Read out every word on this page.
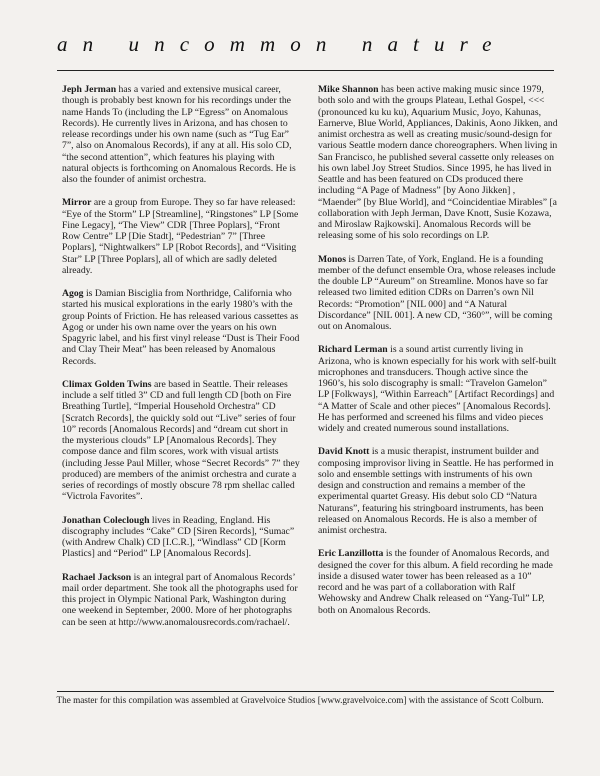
an uncommon nature

Jeph Jerman has a varied and extensive musical career, though is probably best known for his recordings under the name Hands To (including the LP “Egress” on Anomalous Records). He currently lives in Arizona, and has chosen to release recordings under his own name (such as “Tug Ear” 7”, also on Anomalous Records), if any at all. His solo CD, “the second attention”, which features his playing with natural objects is forthcoming on Anomalous Records. He is also the founder of animist orchestra.

Mirror are a group from Europe. They so far have released: “Eye of the Storm” LP [Streamline], “Ringstones” LP [Some Fine Legacy], “The View” CDR [Three Poplars], “Front Row Centre” LP [Die Stadt], “Pedestrian” 7” [Three Poplars], “Nightwalkers” LP [Robot Records], and “Visiting Star” LP [Three Poplars], all of which are sadly deleted already.

Agog is Damian Bisciglia from Northridge, California who started his musical explorations in the early 1980’s with the group Points of Friction. He has released various cassettes as Agog or under his own name over the years on his own Spagyric label, and his first vinyl release “Dust is Their Food and Clay Their Meat” has been released by Anomalous Records.

Climax Golden Twins are based in Seattle. Their releases include a self titled 3” CD and full length CD [both on Fire Breathing Turtle], “Imperial Household Orchestra” CD [Scratch Records], the quickly sold out “Live” series of four 10” records [Anomalous Records] and “dream cut short in the mysterious clouds” LP [Anomalous Records]. They compose dance and film scores, work with visual artists (including Jesse Paul Miller, whose “Secret Records” 7” they produced) are members of the animist orchestra and curate a series of recordings of mostly obscure 78 rpm shellac called “Victrola Favorites”.

Jonathan Coleclough lives in Reading, England. His discography includes “Cake” CD [Siren Records], “Sumac” (with Andrew Chalk) CD [I.C.R.], “Windlass” CD [Korm Plastics] and “Period” LP [Anomalous Records].

Rachael Jackson is an integral part of Anomalous Records’ mail order department. She took all the photographs used for this project in Olympic National Park, Washington during one weekend in September, 2000. More of her photographs can be seen at http://www.anomalousrecords.com/rachael/.

Mike Shannon has been active making music since 1979, both solo and with the groups Plateau, Lethal Gospel, <<< (pronounced ku ku ku), Aquarium Music, Joyo, Kahunas, Earnerve, Blue World, Appliances, Dakinis, Aono Jikken, and animist orchestra as well as creating music/sound-design for various Seattle modern dance choreographers. When living in San Francisco, he published several cassette only releases on his own label Joy Street Studios. Since 1995, he has lived in Seattle and has been featured on CDs produced there including “A Page of Madness” [by Aono Jikken] , “Maender” [by Blue World], and “Coincidentiae Mirables” [a collaboration with Jeph Jerman, Dave Knott, Susie Kozawa, and Miroslaw Rajkowski]. Anomalous Records will be releasing some of his solo recordings on LP.

Monos is Darren Tate, of York, England. He is a founding member of the defunct ensemble Ora, whose releases include the double LP “Aureum” on Streamline. Monos have so far released two limited edition CDRs on Darren’s own Nil Records: “Promotion” [NIL 000] and “A Natural Discordance” [NIL 001]. A new CD, “360°”, will be coming out on Anomalous.

Richard Lerman is a sound artist currently living in Arizona, who is known especially for his work with self-built microphones and transducers. Though active since the 1960’s, his solo discography is small: “Travelon Gamelon” LP [Folkways], “Within Earreach” [Artifact Recordings] and “A Matter of Scale and other pieces” [Anomalous Records]. He has performed and screened his films and video pieces widely and created numerous sound installations.

David Knott is a music therapist, instrument builder and composing improvisor living in Seattle. He has performed in solo and ensemble settings with instruments of his own design and construction and remains a member of the experimental quartet Greasy. His debut solo CD “Natura Naturans”, featuring his stringboard instruments, has been released on Anomalous Records. He is also a member of animist orchestra.

Eric Lanzillotta is the founder of Anomalous Records, and designed the cover for this album. A field recording he made inside a disused water tower has been released as a 10” record and he was part of a collaboration with Ralf Wehowsky and Andrew Chalk released on “Yang-Tul” LP, both on Anomalous Records.

The master for this compilation was assembled at Gravelvoice Studios [www.gravelvoice.com] with the assistance of Scott Colburn.
